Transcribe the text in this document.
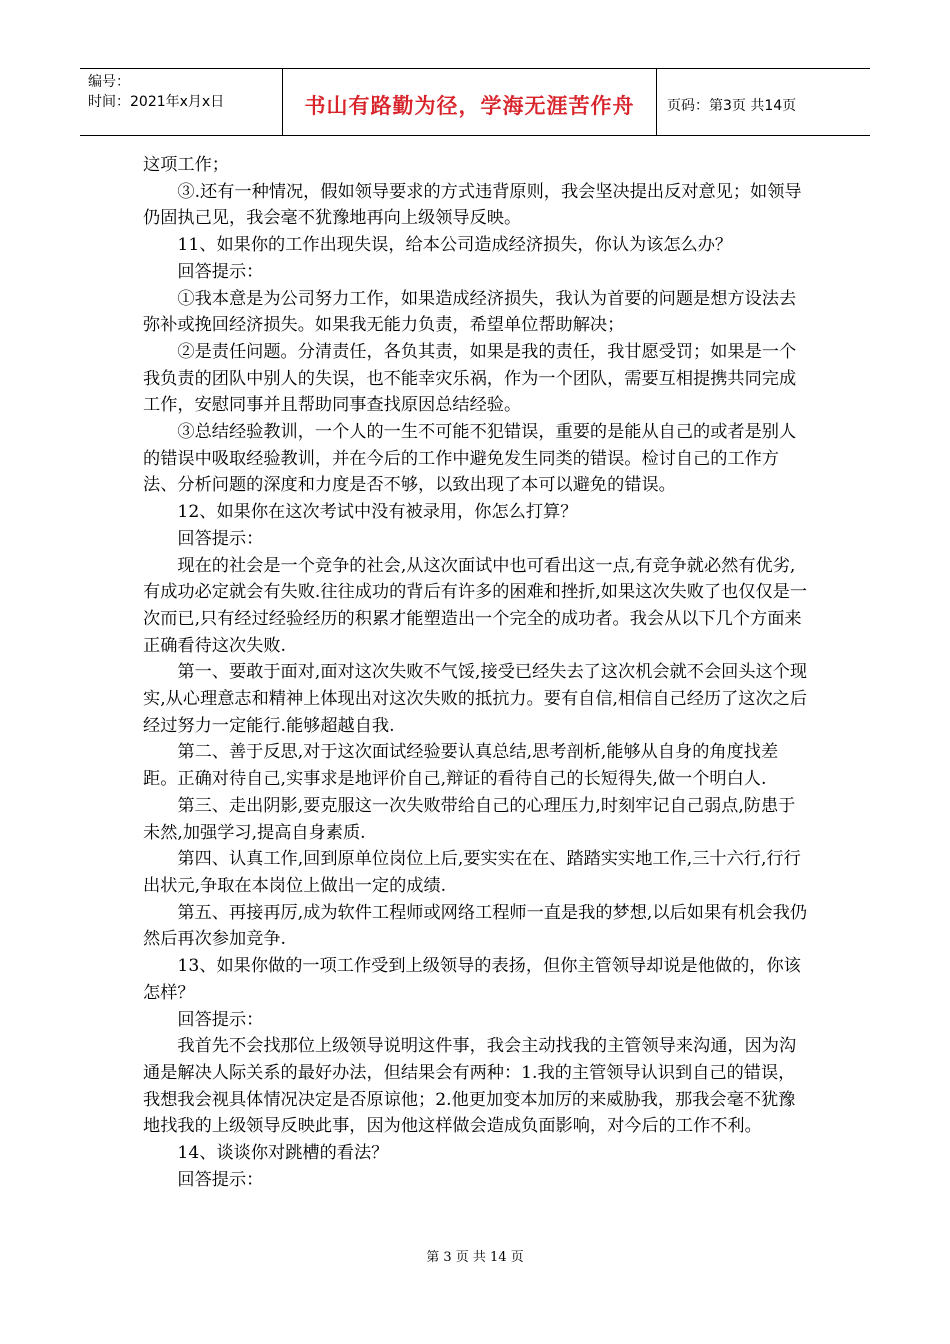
编号：
时间：2021年x月x日	书山有路勤为径，学海无涯苦作舟	页码：第3页 共14页

这项工作；

③.还有一种情况，假如领导要求的方式违背原则，我会坚决提出反对意见；如领导仍固执己见，我会毫不犹豫地再向上级领导反映。

11、如果你的工作出现失误，给本公司造成经济损失，你认为该怎么办？

回答提示：

①我本意是为公司努力工作，如果造成经济损失，我认为首要的问题是想方设法去弥补或挽回经济损失。如果我无能力负责，希望单位帮助解决；

②是责任问题。分清责任，各负其责，如果是我的责任，我甘愿受罚；如果是一个我负责的团队中别人的失误，也不能幸灾乐祸，作为一个团队，需要互相提携共同完成工作，安慰同事并且帮助同事查找原因总结经验。

③总结经验教训，一个人的一生不可能不犯错误，重要的是能从自己的或者是别人的错误中吸取经验教训，并在今后的工作中避免发生同类的错误。检讨自己的工作方法、分析问题的深度和力度是否不够，以致出现了本可以避免的错误。

12、如果你在这次考试中没有被录用，你怎么打算？

回答提示：

现在的社会是一个竞争的社会,从这次面试中也可看出这一点,有竞争就必然有优劣,有成功必定就会有失败.往往成功的背后有许多的困难和挫折,如果这次失败了也仅仅是一次而已,只有经过经验经历的积累才能塑造出一个完全的成功者。我会从以下几个方面来正确看待这次失败.

第一、要敢于面对,面对这次失败不气馁,接受已经失去了这次机会就不会回头这个现实,从心理意志和精神上体现出对这次失败的抵抗力。要有自信,相信自己经历了这次之后经过努力一定能行.能够超越自我.

第二、善于反思,对于这次面试经验要认真总结,思考剖析,能够从自身的角度找差距。正确对待自己,实事求是地评价自己,辩证的看待自己的长短得失,做一个明白人.

第三、走出阴影,要克服这一次失败带给自己的心理压力,时刻牢记自己弱点,防患于未然,加强学习,提高自身素质.

第四、认真工作,回到原单位岗位上后,要实实在在、踏踏实实地工作,三十六行,行行出状元,争取在本岗位上做出一定的成绩.

第五、再接再厉,成为软件工程师或网络工程师一直是我的梦想,以后如果有机会我仍然后再次参加竞争.

13、如果你做的一项工作受到上级领导的表扬，但你主管领导却说是他做的，你该怎样？

回答提示：

我首先不会找那位上级领导说明这件事，我会主动找我的主管领导来沟通，因为沟通是解决人际关系的最好办法，但结果会有两种：1.我的主管领导认识到自己的错误，我想我会视具体情况决定是否原谅他；2.他更加变本加厉的来威胁我，那我会毫不犹豫地找我的上级领导反映此事，因为他这样做会造成负面影响，对今后的工作不利。

14、谈谈你对跳槽的看法？

回答提示：

第 3 页 共 14 页
